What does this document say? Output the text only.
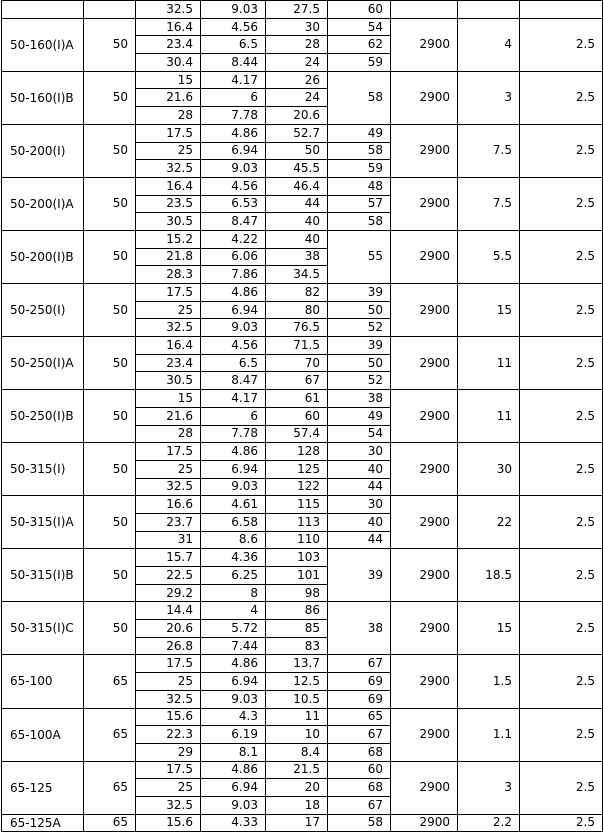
		32.5	9.03	27.5	60			
50-160(I)A	50	16.4	4.56	30	54	2900	4	2.5
		23.4	6.5	28	62			
		30.4	8.44	24	59			
50-160(I)B	50	15	4.17	26	58	2900	3	2.5
		21.6	6	24				
		28	7.78	20.6				
50-200(I)	50	17.5	4.86	52.7	49	2900	7.5	2.5
		25	6.94	50	58			
		32.5	9.03	45.5	59			
50-200(I)A	50	16.4	4.56	46.4	48	2900	7.5	2.5
		23.5	6.53	44	57			
		30.5	8.47	40	58			
50-200(I)B	50	15.2	4.22	40	55	2900	5.5	2.5
		21.8	6.06	38				
		28.3	7.86	34.5				
50-250(I)	50	17.5	4.86	82	39	2900	15	2.5
		25	6.94	80	50			
		32.5	9.03	76.5	52			
50-250(I)A	50	16.4	4.56	71.5	39	2900	11	2.5
		23.4	6.5	70	50			
		30.5	8.47	67	52			
50-250(I)B	50	15	4.17	61	38	2900	11	2.5
		21.6	6	60	49			
		28	7.78	57.4	54			
50-315(I)	50	17.5	4.86	128	30	2900	30	2.5
		25	6.94	125	40			
		32.5	9.03	122	44			
50-315(I)A	50	16.6	4.61	115	30	2900	22	2.5
		23.7	6.58	113	40			
		31	8.6	110	44			
50-315(I)B	50	15.7	4.36	103	39	2900	18.5	2.5
		22.5	6.25	101				
		29.2	8	98				
50-315(I)C	50	14.4	4	86	38	2900	15	2.5
		20.6	5.72	85				
		26.8	7.44	83				
65-100	65	17.5	4.86	13.7	67	2900	1.5	2.5
		25	6.94	12.5	69			
		32.5	9.03	10.5	69			
65-100A	65	15.6	4.3	11	65	2900	1.1	2.5
		22.3	6.19	10	67			
		29	8.1	8.4	68			
65-125	65	17.5	4.86	21.5	60	2900	3	2.5
		25	6.94	20	68			
		32.5	9.03	18	67			
65-125A	65	15.6	4.33	17	58	2900	2.2	2.5
